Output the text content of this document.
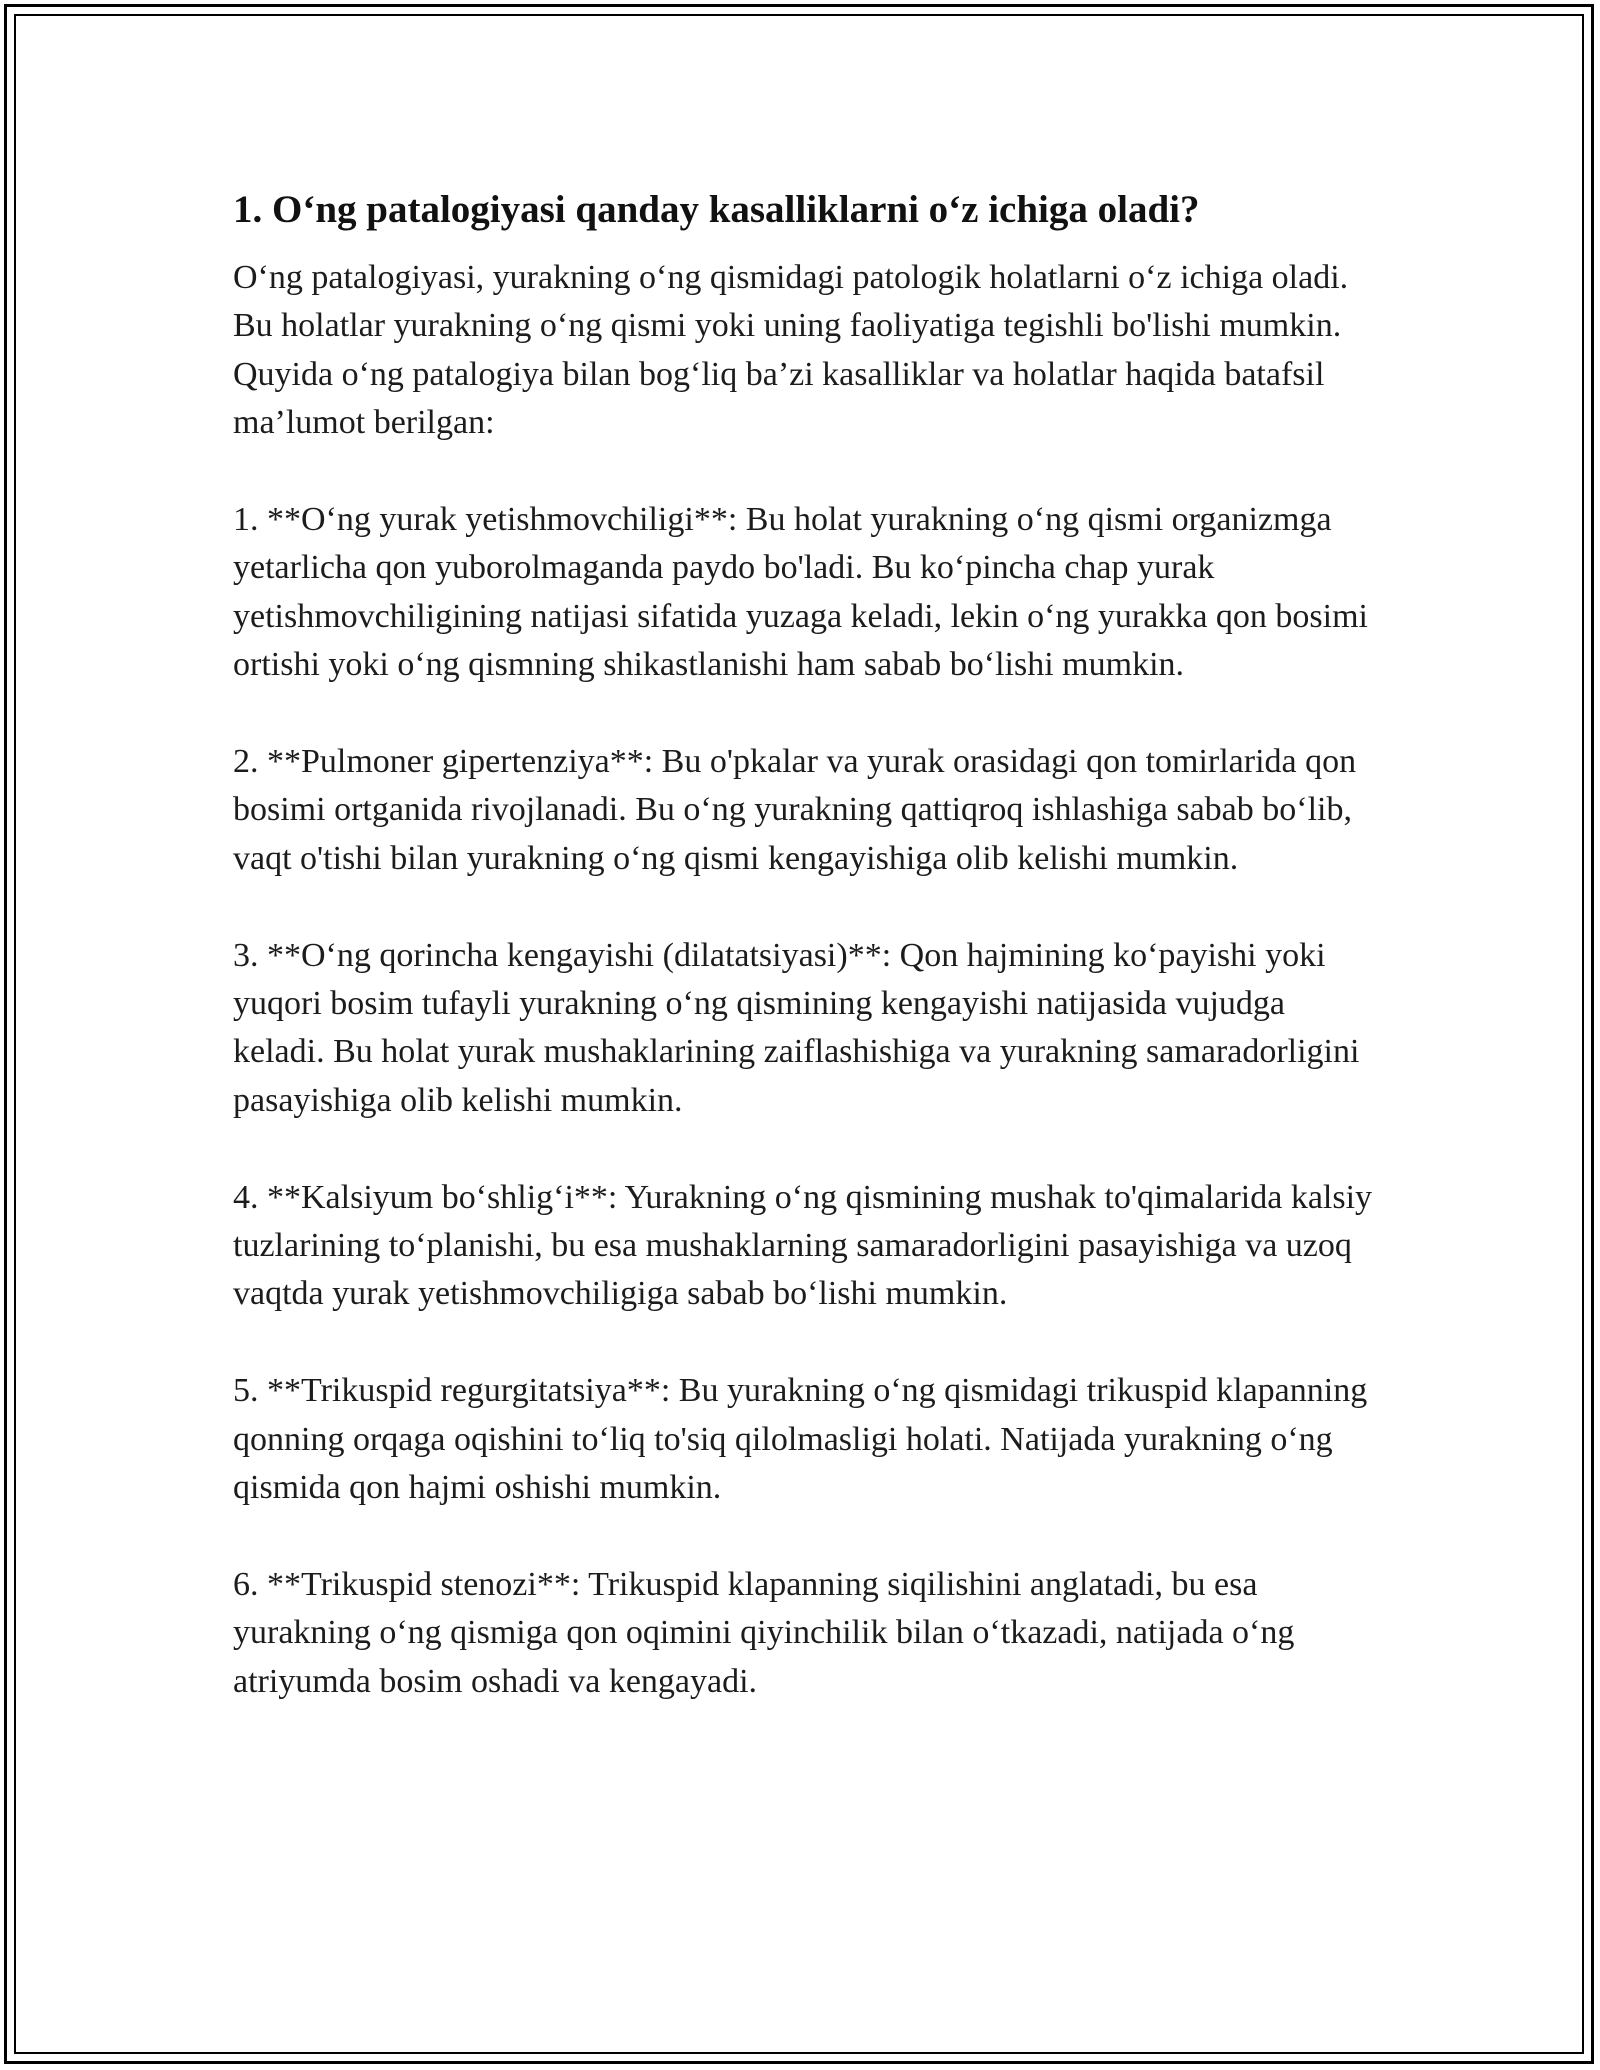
1. O‘ng patalogiyasi qanday kasalliklarni o‘z ichiga oladi?

O‘ng patalogiyasi, yurakning o‘ng qismidagi patologik holatlarni o‘z ichiga oladi. Bu holatlar yurakning o‘ng qismi yoki uning faoliyatiga tegishli bo'lishi mumkin. Quyida o‘ng patalogiya bilan bog‘liq ba’zi kasalliklar va holatlar haqida batafsil ma’lumot berilgan:

1. **O‘ng yurak yetishmovchiligi**: Bu holat yurakning o‘ng qismi organizmga yetarlicha qon yuborolmaganda paydo bo'ladi. Bu ko‘pincha chap yurak yetishmovchiligining natijasi sifatida yuzaga keladi, lekin o‘ng yurakka qon bosimi ortishi yoki o‘ng qismning shikastlanishi ham sabab bo‘lishi mumkin.

2. **Pulmoner gipertenziya**: Bu o'pkalar va yurak orasidagi qon tomirlarida qon bosimi ortganida rivojlanadi. Bu o‘ng yurakning qattiqroq ishlashiga sabab bo‘lib, vaqt o'tishi bilan yurakning o‘ng qismi kengayishiga olib kelishi mumkin.

3. **O‘ng qorincha kengayishi (dilatatsiyasi)**: Qon hajmining ko‘payishi yoki yuqori bosim tufayli yurakning o‘ng qismining kengayishi natijasida vujudga keladi. Bu holat yurak mushaklarining zaiflashishiga va yurakning samaradorligini pasayishiga olib kelishi mumkin.

4. **Kalsiyum bo‘shlig‘i**: Yurakning o‘ng qismining mushak to'qimalarida kalsiy tuzlarining to‘planishi, bu esa mushaklarning samaradorligini pasayishiga va uzoq vaqtda yurak yetishmovchiligiga sabab bo‘lishi mumkin.

5. **Trikuspid regurgitatsiya**: Bu yurakning o‘ng qismidagi trikuspid klapanning qonning orqaga oqishini to‘liq to'siq qilolmasligi holati. Natijada yurakning o‘ng qismida qon hajmi oshishi mumkin.

6. **Trikuspid stenozi**: Trikuspid klapanning siqilishini anglatadi, bu esa yurakning o‘ng qismiga qon oqimini qiyinchilik bilan o‘tkazadi, natijada o‘ng atriyumda bosim oshadi va kengayadi.
